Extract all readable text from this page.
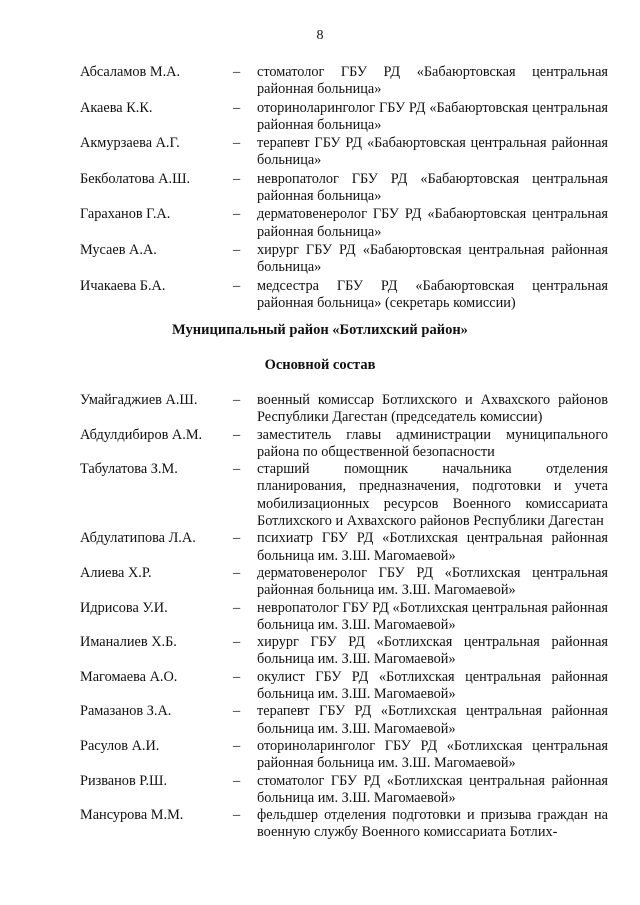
8
Абсаламов М.А.	– стоматолог ГБУ РД «Бабаюртовская центральная районная больница»
Акаева К.К.	– оториноларинголог ГБУ РД «Бабаюртовская центральная районная больница»
Акмурзаева А.Г.	– терапевт ГБУ РД «Бабаюртовская центральная районная больница»
Бекболатова А.Ш.	– невропатолог ГБУ РД «Бабаюртовская центральная районная больница»
Гараханов Г.А.	– дерматовенеролог ГБУ РД «Бабаюртовская центральная районная больница»
Мусаев А.А.	– хирург ГБУ РД «Бабаюртовская центральная районная больница»
Ичакаева Б.А.	– медсестра ГБУ РД «Бабаюртовская центральная районная больница» (секретарь комиссии)
Муниципальный район «Ботлихский район»
Основной состав
Умайгаджиев А.Ш. – военный комиссар Ботлихского и Ахвахского районов Республики Дагестан (председатель комиссии)
Абдулдибиров А.М. – заместитель главы администрации муниципального района по общественной безопасности
Табулатова З.М.	– старший помощник начальника отделения планирования, предназначения, подготовки и учета мобилизационных ресурсов Военного комиссариата Ботлихского и Ахвахского районов Республики Дагестан
Абдулатипова Л.А.	– психиатр ГБУ РД «Ботлихская центральная районная больница им. З.Ш. Магомаевой»
Алиева Х.Р.	– дерматовенеролог ГБУ РД «Ботлихская центральная районная больница им. З.Ш. Магомаевой»
Идрисова У.И.	– невропатолог ГБУ РД «Ботлихская центральная районная больница им. З.Ш. Магомаевой»
Иманалиев Х.Б.	– хирург ГБУ РД «Ботлихская центральная районная больница им. З.Ш. Магомаевой»
Магомаева А.О.	– окулист ГБУ РД «Ботлихская центральная районная больница им. З.Ш. Магомаевой»
Рамазанов З.А.	– терапевт ГБУ РД «Ботлихская центральная районная больница им. З.Ш. Магомаевой»
Расулов А.И.	– оториноларинголог ГБУ РД «Ботлихская центральная районная больница им. З.Ш. Магомаевой»
Ризванов Р.Ш.	– стоматолог ГБУ РД «Ботлихская центральная районная больница им. З.Ш. Магомаевой»
Мансурова М.М.	– фельдшер отделения подготовки и призыва граждан на военную службу Военного комиссариата Ботлих-
